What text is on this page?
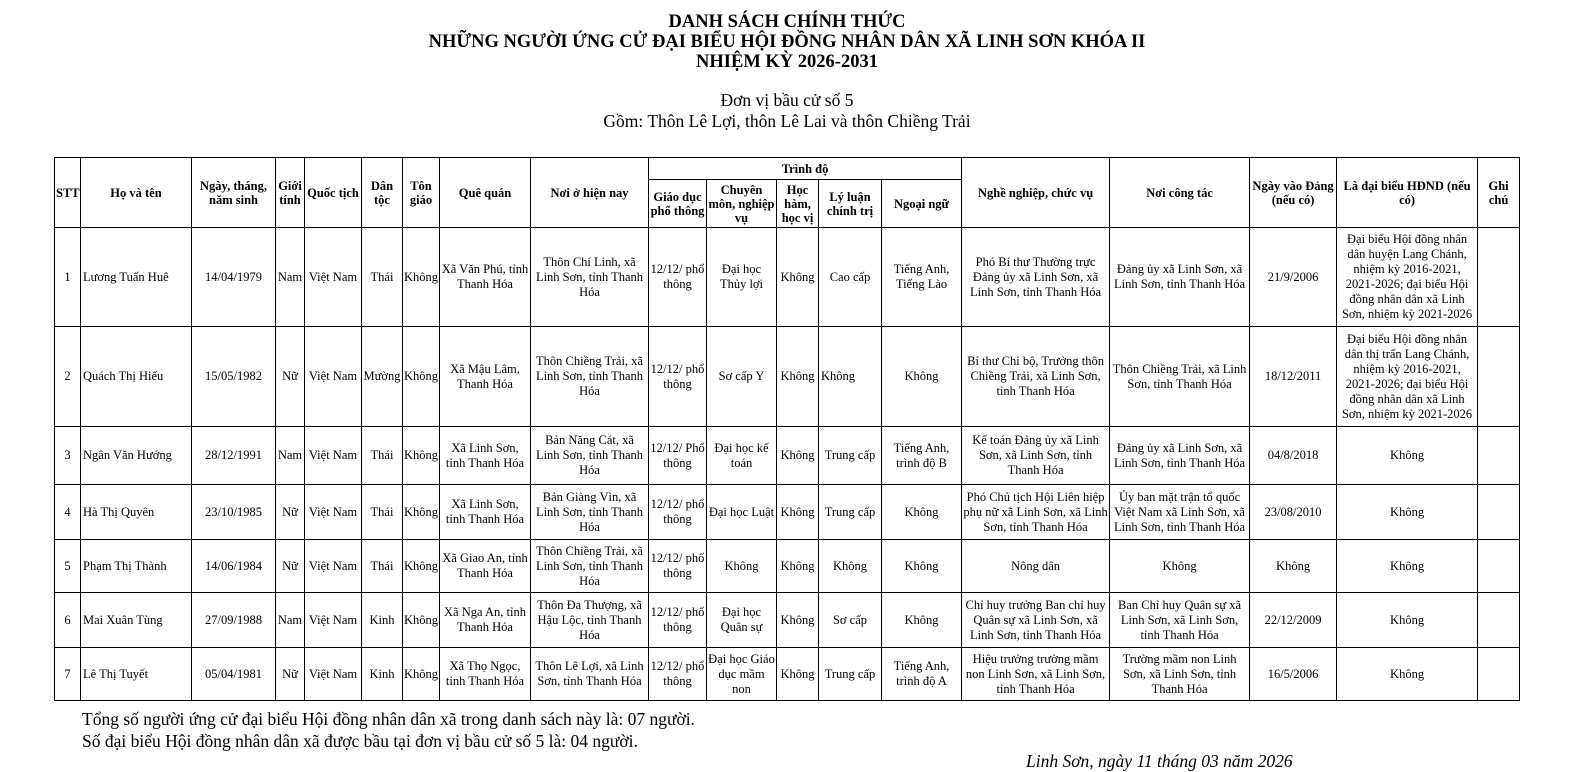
DANH SÁCH CHÍNH THỨC

NHỮNG NGƯỜI ỨNG CỬ ĐẠI BIỂU HỘI ĐỒNG NHÂN DÂN XÃ LINH SƠN KHÓA II

NHIỆM KỲ 2026-2031

Đơn vị bầu cử số 5

Gồm: Thôn Lê Lợi, thôn Lê Lai và thôn Chiềng Trải

STT	Họ và tên	Ngày, tháng, năm sinh	Giới tính	Quốc tịch	Dân tộc	Tôn giáo	Quê quán	Nơi ở hiện nay	Trình độ					Nghề nghiệp, chức vụ	Nơi công tác	Ngày vào Đảng (nếu có)	Là đại biểu HĐND (nếu có)	Ghi chú
									Giáo dục phổ thông	Chuyên môn, nghiệp vụ	Học hàm, học vị	Lý luận chính trị	Ngoại ngữ					
1	Lương Tuấn Huê	14/04/1979	Nam	Việt Nam	Thái	Không	Xã Văn Phú, tỉnh Thanh Hóa	Thôn Chí Linh, xã Linh Sơn, tỉnh Thanh Hóa	12/12/ phổ thông	Đại học Thủy lợi	Không	Cao cấp	Tiếng Anh, Tiếng Lào	Phó Bí thư Thường trực Đảng ủy xã Linh Sơn, xã Linh Sơn, tỉnh Thanh Hóa	Đảng ủy xã Linh Sơn, xã Linh Sơn, tỉnh Thanh Hóa	21/9/2006	Đại biểu Hội đồng nhân dân huyện Lang Chánh, nhiệm kỳ 2016-2021, 2021-2026; đại biểu Hội đồng nhân dân xã Linh Sơn, nhiệm kỳ 2021-2026	
2	Quách Thị Hiếu	15/05/1982	Nữ	Việt Nam	Mường	Không	Xã Mậu Lâm, Thanh Hóa	Thôn Chiềng Trải, xã Linh Sơn, tỉnh Thanh Hóa	12/12/ phổ thông	Sơ cấp Y	Không	Không	Không	Bí thư Chi bộ, Trưởng thôn Chiềng Trải, xã Linh Sơn, tỉnh Thanh Hóa	Thôn Chiềng Trải, xã Linh Sơn, tỉnh Thanh Hóa	18/12/2011	Đại biểu Hội đồng nhân dân thị trấn Lang Chánh, nhiệm kỳ 2016-2021, 2021-2026; đại biểu Hội đồng nhân dân xã Linh Sơn, nhiệm kỳ 2021-2026	
3	Ngân Văn Hướng	28/12/1991	Nam	Việt Nam	Thái	Không	Xã Linh Sơn, tỉnh Thanh Hóa	Bản Năng Cát, xã Linh Sơn, tỉnh Thanh Hóa	12/12/ Phổ thông	Đại học kế toán	Không	Trung cấp	Tiếng Anh, trình độ B	Kế toán Đảng ủy xã Linh Sơn, xã Linh Sơn, tỉnh Thanh Hóa	Đảng ủy xã Linh Sơn, xã Linh Sơn, tỉnh Thanh Hóa	04/8/2018	Không	
4	Hà Thị Quyên	23/10/1985	Nữ	Việt Nam	Thái	Không	Xã Linh Sơn, tỉnh Thanh Hóa	Bản Giàng Vìn, xã Linh Sơn, tỉnh Thanh Hóa	12/12/ phổ thông	Đại học Luật	Không	Trung cấp	Không	Phó Chủ tịch Hội Liên hiệp phụ nữ xã Linh Sơn, xã Linh Sơn, tỉnh Thanh Hóa	Ủy ban mặt trận tổ quốc Việt Nam xã Linh Sơn, xã Linh Sơn, tỉnh Thanh Hóa	23/08/2010	Không	
5	Phạm Thị Thành	14/06/1984	Nữ	Việt Nam	Thái	Không	Xã Giao An, tỉnh Thanh Hóa	Thôn Chiềng Trải, xã Linh Sơn, tỉnh Thanh Hóa	12/12/ phổ thông	Không	Không	Không	Không	Nông dân	Không	Không	Không	
6	Mai Xuân Tùng	27/09/1988	Nam	Việt Nam	Kinh	Không	Xã Nga An, tỉnh Thanh Hóa	Thôn Đa Thượng, xã Hậu Lộc, tỉnh Thanh Hóa	12/12/ phổ thông	Đại học Quân sự	Không	Sơ cấp	Không	Chỉ huy trưởng Ban chỉ huy Quân sự xã Linh Sơn, xã Linh Sơn, tỉnh Thanh Hóa	Ban Chỉ huy Quân sự xã Linh Sơn, xã Linh Sơn, tỉnh Thanh Hóa	22/12/2009	Không	
7	Lê Thị Tuyết	05/04/1981	Nữ	Việt Nam	Kinh	Không	Xã Thọ Ngọc, tỉnh Thanh Hóa	Thôn Lê Lợi, xã Linh Sơn, tỉnh Thanh Hóa	12/12/ phổ thông	Đại học Giáo dục mầm non	Không	Trung cấp	Tiếng Anh, trình độ A	Hiệu trưởng trường mầm non Linh Sơn, xã Linh Sơn, tỉnh Thanh Hóa	Trường mầm non Linh Sơn, xã Linh Sơn, tỉnh Thanh Hóa	16/5/2006	Không	

Tổng số người ứng cử đại biểu Hội đồng nhân dân xã trong danh sách này là: 07 người.

Số đại biểu Hội đồng nhân dân xã được bầu tại đơn vị bầu cử số 5 là: 04 người.

Linh Sơn, ngày 11 tháng 03 năm 2026
